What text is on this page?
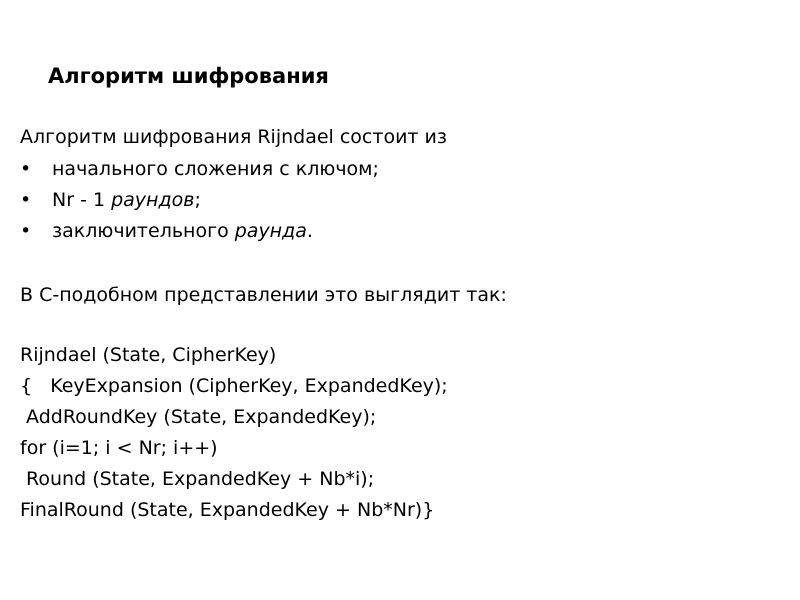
Алгоритм шифрования
Алгоритм шифрования Rijndael состоит из
• начального сложения с ключом;
• Nr - 1 раундов;
• заключительного раунда.
В С-подобном представлении это выглядит так:
Rijndael (State, CipherKey)
{   KeyExpansion (CipherKey, ExpandedKey);
AddRoundKey (State, ExpandedKey);
for (i=1; i < Nr; i++)
Round (State, ExpandedKey + Nb*i);
FinalRound (State, ExpandedKey + Nb*Nr)}
